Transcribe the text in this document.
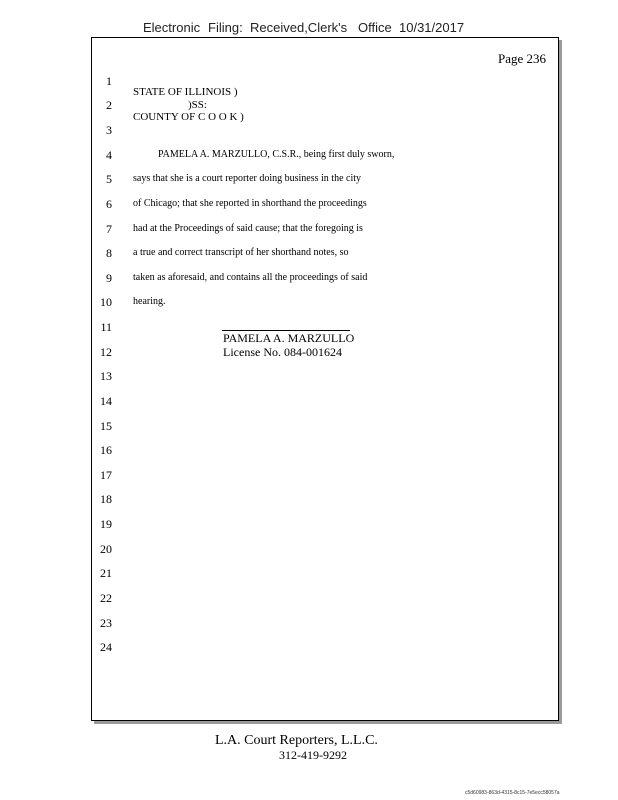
Electronic Filing: Received,Clerk's Office 10/31/2017
Page 236
STATE OF ILLINOIS )
)SS:
COUNTY OF C O O K )
PAMELA A. MARZULLO, C.S.R., being first duly sworn,
says that she is a court reporter doing business in the city
of Chicago; that she reported in shorthand the proceedings
had at the Proceedings of said cause; that the foregoing is
a true and correct transcript of her shorthand notes, so
taken as aforesaid, and contains all the proceedings of said
hearing.
PAMELA A. MARZULLO
License No. 084-001624
1
2
3
4
5
6
7
8
9
10
11
12
13
14
15
16
17
18
19
20
21
22
23
24
L.A. Court Reporters, L.L.C.
312-419-9292
c5d60983-863d-4315-8c15-7e5ecc58057a
